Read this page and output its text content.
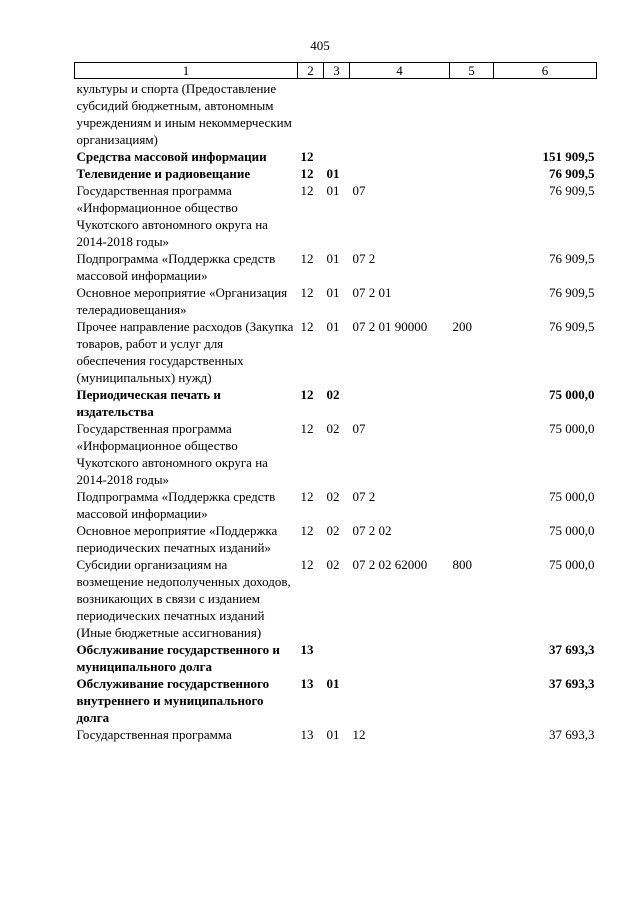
405
1	2	3	4	5	6
культуры и спорта (Предоставление субсидий бюджетным, автономным учреждениям и иным некоммерческим организациям)					
Средства массовой информации	12				151 909,5
Телевидение и радиовещание	12	01			76 909,5
Государственная программа «Информационное общество Чукотского автономного округа на 2014-2018 годы»	12	01	07		76 909,5
Подпрограмма «Поддержка средств массовой информации»	12	01	07 2		76 909,5
Основное мероприятие «Организация телерадиовещания»	12	01	07 2 01		76 909,5
Прочее направление расходов (Закупка товаров, работ и услуг для обеспечения государственных (муниципальных) нужд)	12	01	07 2 01 90000	200	76 909,5
Периодическая печать и издательства	12	02			75 000,0
Государственная программа «Информационное общество Чукотского автономного округа на 2014-2018 годы»	12	02	07		75 000,0
Подпрограмма «Поддержка средств массовой информации»	12	02	07 2		75 000,0
Основное мероприятие «Поддержка периодических печатных изданий»	12	02	07 2 02		75 000,0
Субсидии организациям на возмещение недополученных доходов, возникающих в связи с изданием периодических печатных изданий (Иные бюджетные ассигнования)	12	02	07 2 02 62000	800	75 000,0
Обслуживание государственного и муниципального долга	13				37 693,3
Обслуживание государственного внутреннего и муниципального долга	13	01			37 693,3
Государственная программа	13	01	12		37 693,3
